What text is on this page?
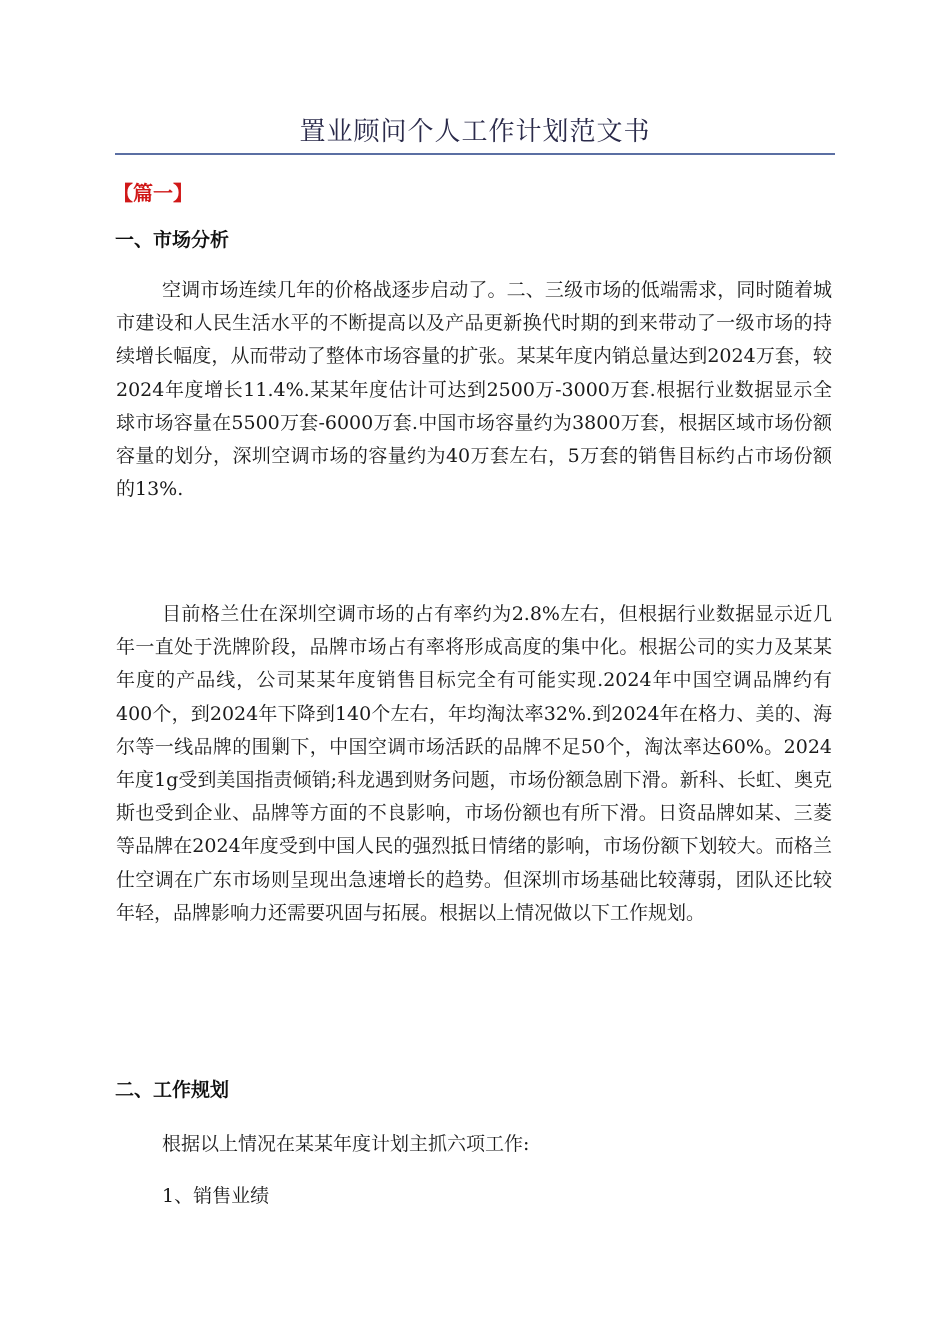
置业顾问个人工作计划范文书
【篇一】
一、市场分析

空调市场连续几年的价格战逐步启动了。二、三级市场的低端需求，同时随着城市建设和人民生活水平的不断提高以及产品更新换代时期的到来带动了一级市场的持续增长幅度，从而带动了整体市场容量的扩张。某某年度内销总量达到2024万套，较2024年度增长11.4%.某某年度估计可达到2500万-3000万套.根据行业数据显示全球市场容量在5500万套-6000万套.中国市场容量约为3800万套，根据区域市场份额容量的划分，深圳空调市场的容量约为40万套左右，5万套的销售目标约占市场份额的13%.

目前格兰仕在深圳空调市场的占有率约为2.8%左右，但根据行业数据显示近几年一直处于洗牌阶段，品牌市场占有率将形成高度的集中化。根据公司的实力及某某年度的产品线，公司某某年度销售目标完全有可能实现.2024年中国空调品牌约有400个，到2024年下降到140个左右，年均淘汰率32%.到2024年在格力、美的、海尔等一线品牌的围剿下，中国空调市场活跃的品牌不足50个，淘汰率达60%。2024年度1g受到美国指责倾销;科龙遇到财务问题，市场份额急剧下滑。新科、长虹、奥克斯也受到企业、品牌等方面的不良影响，市场份额也有所下滑。日资品牌如某、三菱等品牌在2024年度受到中国人民的强烈抵日情绪的影响，市场份额下划较大。而格兰仕空调在广东市场则呈现出急速增长的趋势。但深圳市场基础比较薄弱，团队还比较年轻，品牌影响力还需要巩固与拓展。根据以上情况做以下工作规划。

二、工作规划

根据以上情况在某某年度计划主抓六项工作:

1、销售业绩
